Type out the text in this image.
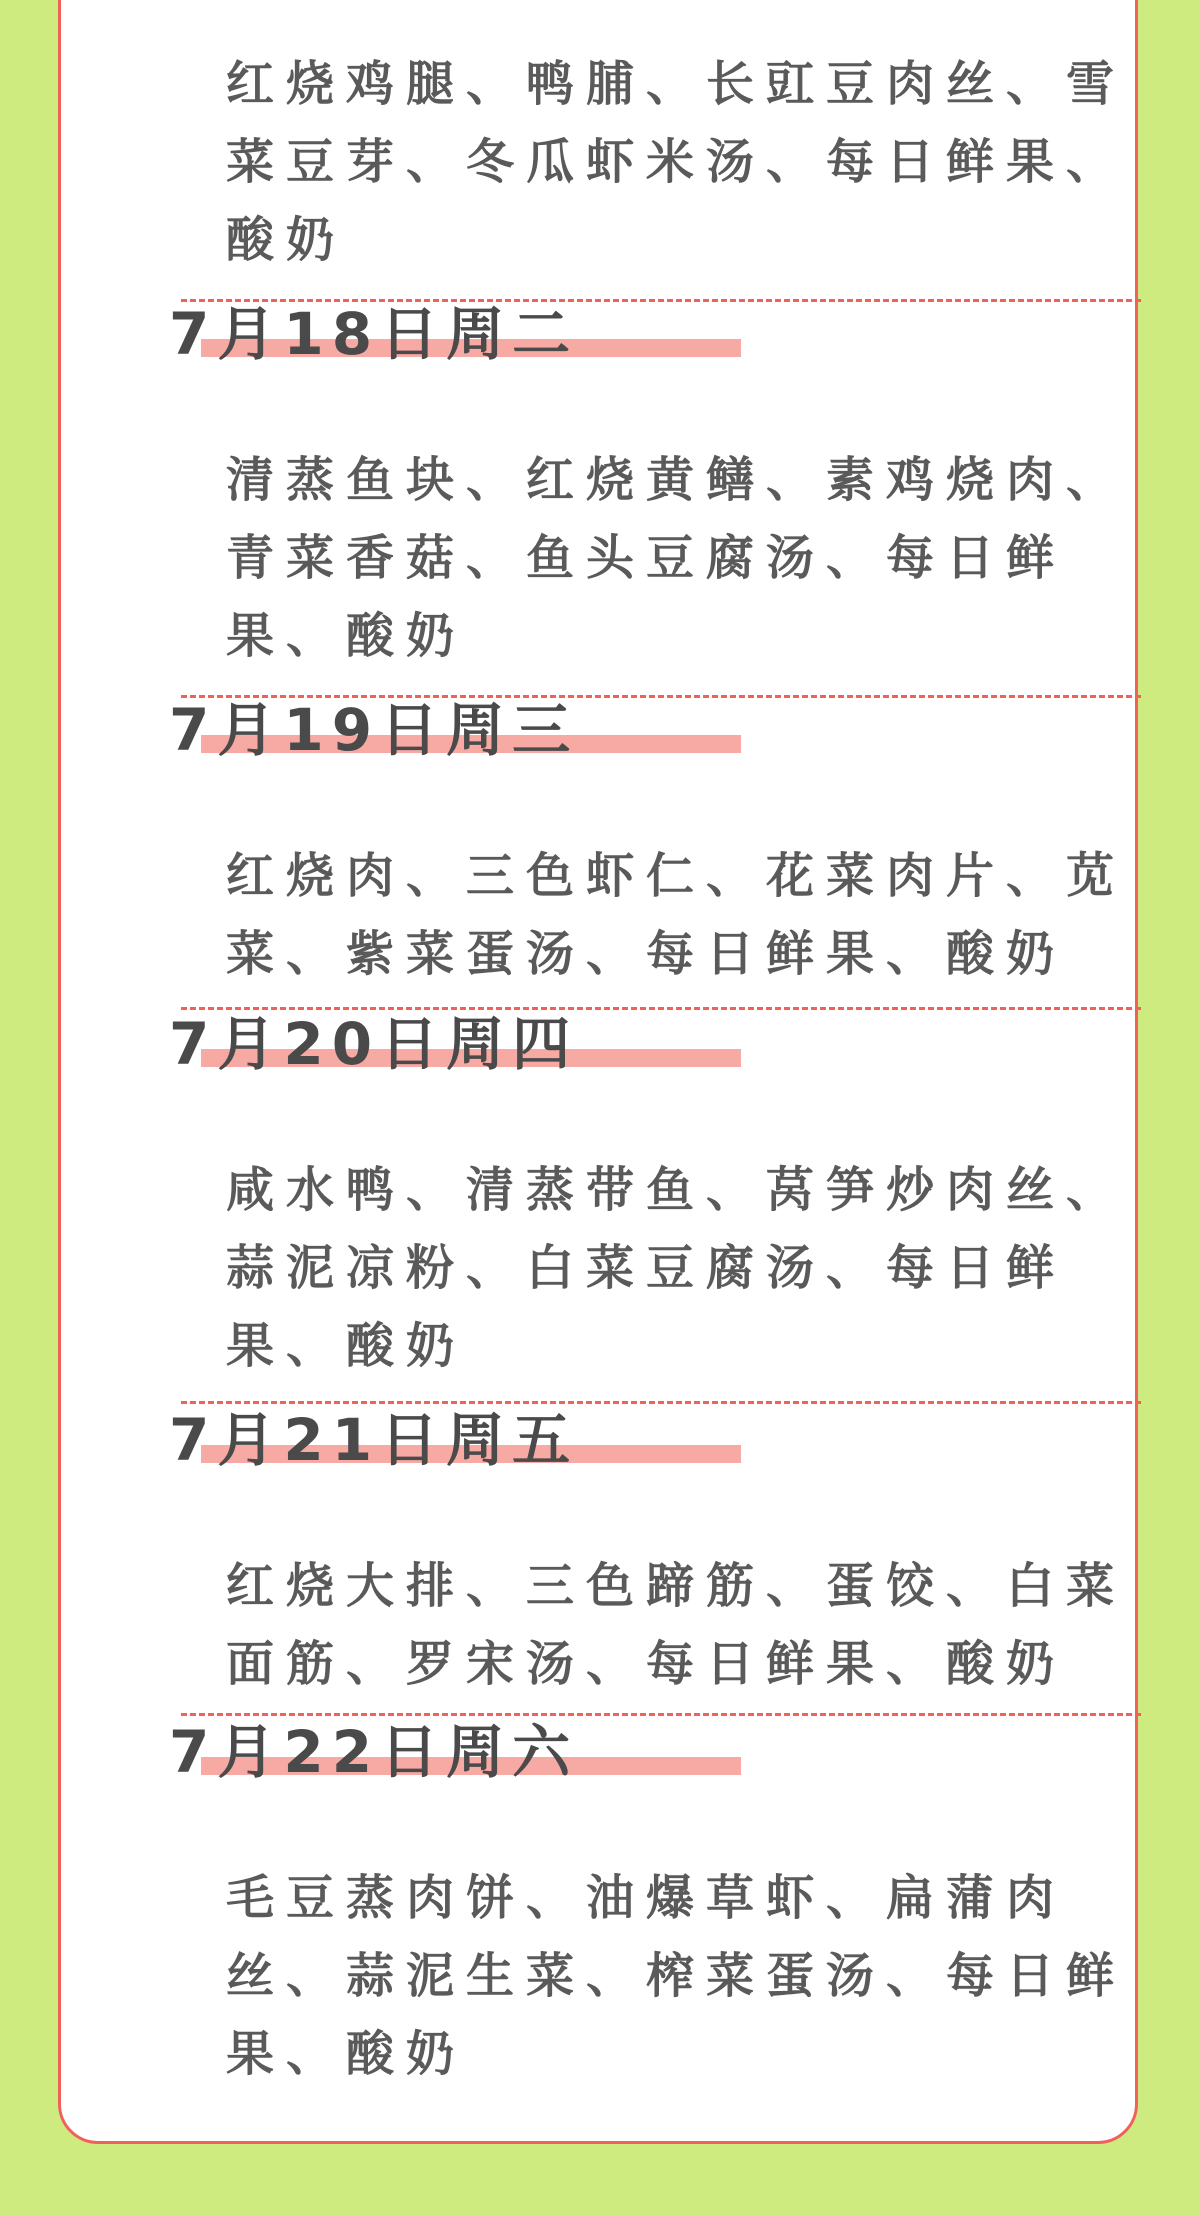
红烧鸡腿、鸭脯、长豇豆肉丝、雪菜豆芽、冬瓜虾米汤、每日鲜果、酸奶

7月18日周二

清蒸鱼块、红烧黄鳝、素鸡烧肉、青菜香菇、鱼头豆腐汤、每日鲜果、酸奶

7月19日周三

红烧肉、三色虾仁、花菜肉片、苋菜、紫菜蛋汤、每日鲜果、酸奶

7月20日周四

咸水鸭、清蒸带鱼、莴笋炒肉丝、蒜泥凉粉、白菜豆腐汤、每日鲜果、酸奶

7月21日周五

红烧大排、三色蹄筋、蛋饺、白菜面筋、罗宋汤、每日鲜果、酸奶

7月22日周六

毛豆蒸肉饼、油爆草虾、扁蒲肉丝、蒜泥生菜、榨菜蛋汤、每日鲜果、酸奶
